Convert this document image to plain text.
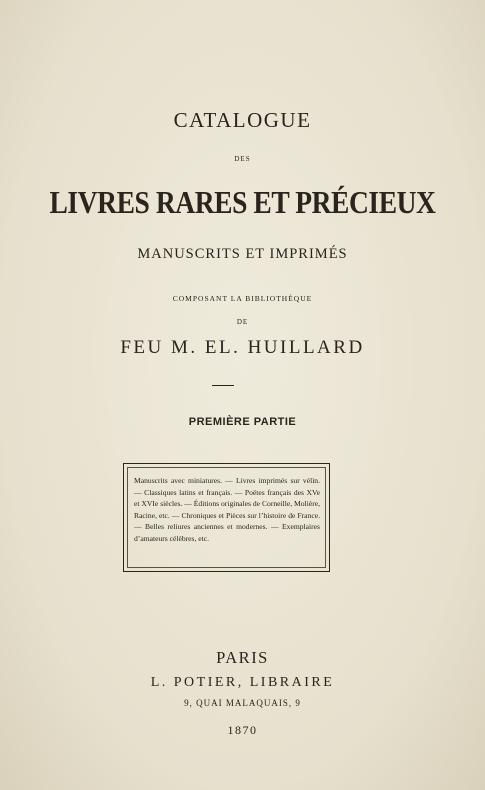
CATALOGUE
DES
LIVRES RARES ET PRÉCIEUX
MANUSCRITS ET IMPRIMÉS
COMPOSANT LA BIBLIOTHÈQUE
DE
FEU M. EL. HUILLARD
PREMIÈRE PARTIE
Manuscrits avec miniatures. — Livres imprimés sur vélin. — Classiques latins et français. — Poëtes français des XVe et XVIe siècles. — Éditions originales de Corneille, Molière, Racine, etc. — Chroniques et Pièces sur l’histoire de France. — Belles reliures anciennes et modernes. — Exemplaires d’amateurs célèbres, etc.
PARIS
L. POTIER, LIBRAIRE
9, QUAI MALAQUAIS, 9
1870
